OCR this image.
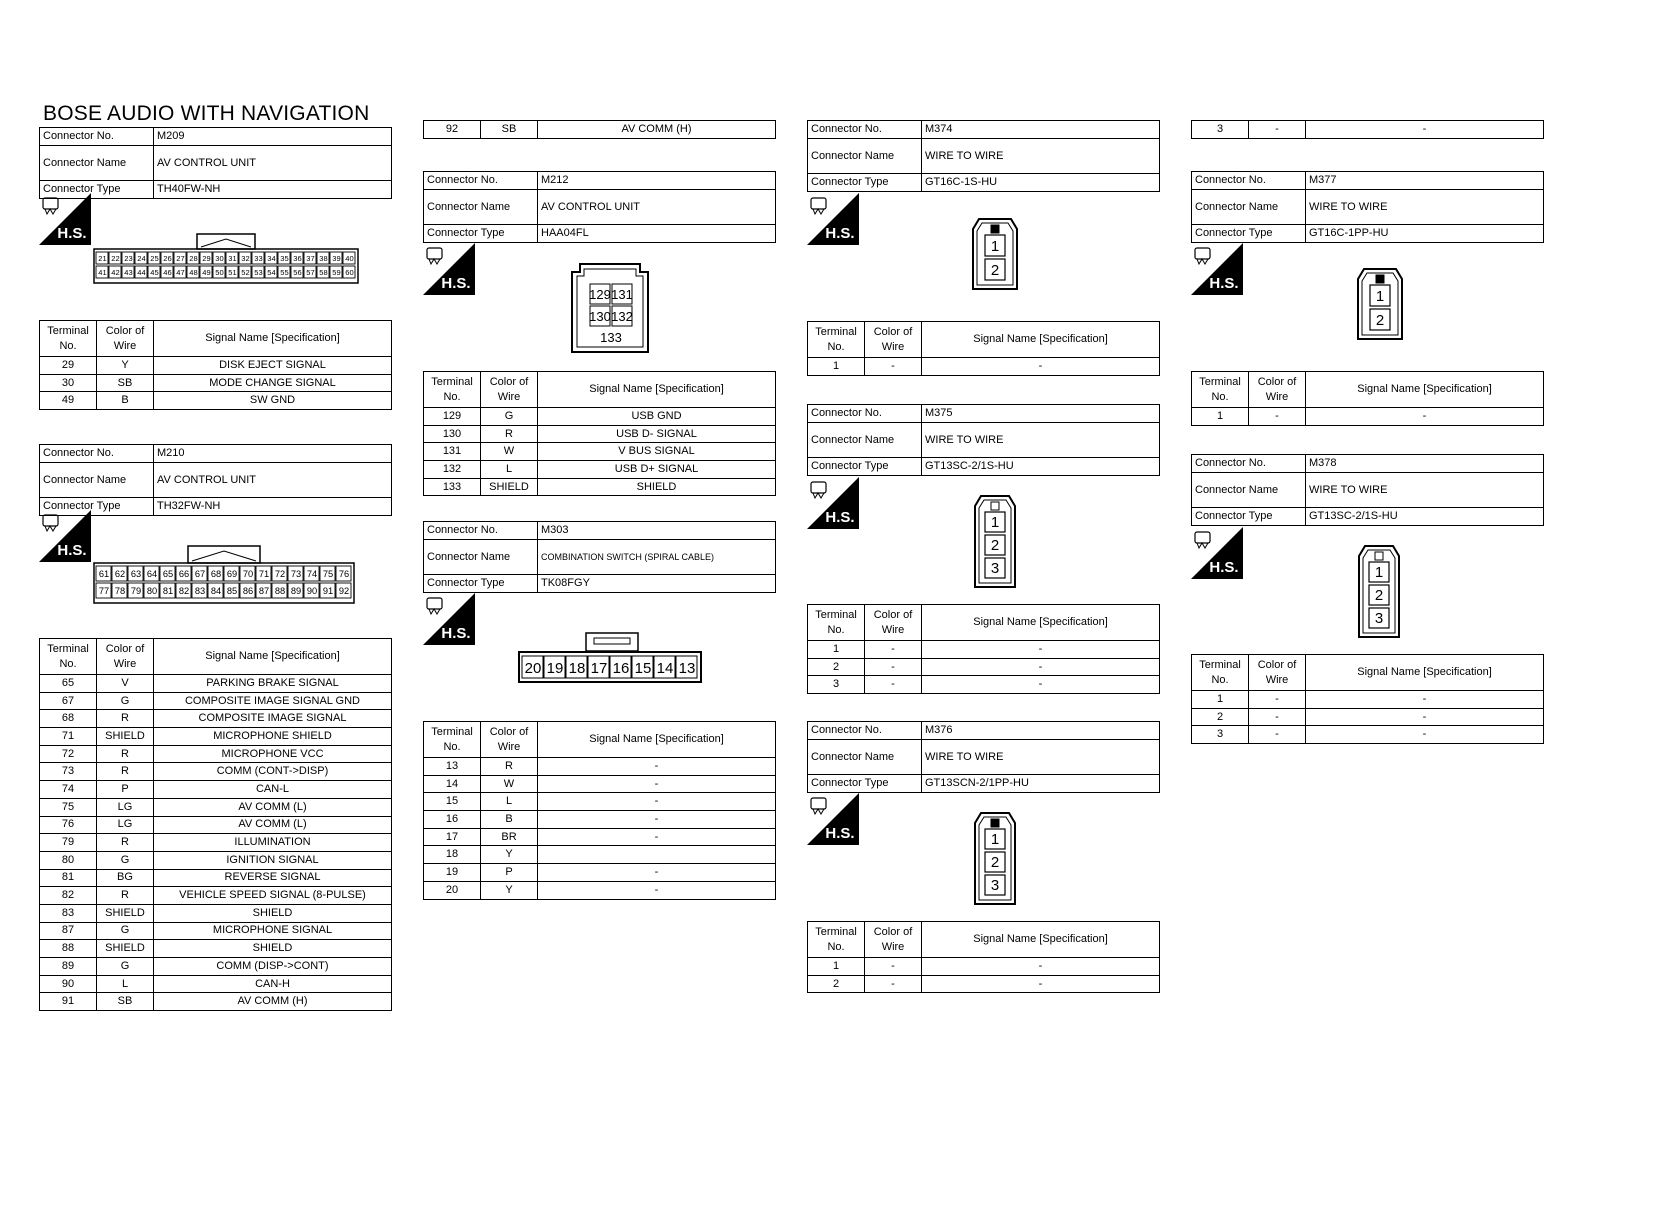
BOSE AUDIO WITH NAVIGATION
Connector No.	M209
Connector Name	AV CONTROL UNIT
Connector Type	TH40FW-NH
H.S.
21 22 23 24 25 26 27 28 29 30 31 32 33 34 35 36 37 38 39 40
41 42 43 44 45 46 47 48 49 50 51 52 53 54 55 56 57 58 59 60
Terminal No.	Color of Wire	Signal Name [Specification]
29	Y	DISK EJECT SIGNAL
30	SB	MODE CHANGE SIGNAL
49	B	SW GND
Connector No.	M210
Connector Name	AV CONTROL UNIT
Connector Type	TH32FW-NH
H.S.
61 62 63 64 65 66 67 68 69 70 71 72 73 74 75 76
77 78 79 80 81 82 83 84 85 86 87 88 89 90 91 92
Terminal No.	Color of Wire	Signal Name [Specification]
65	V	PARKING BRAKE SIGNAL
67	G	COMPOSITE IMAGE SIGNAL GND
68	R	COMPOSITE IMAGE SIGNAL
71	SHIELD	MICROPHONE SHIELD
72	R	MICROPHONE VCC
73	R	COMM (CONT->DISP)
74	P	CAN-L
75	LG	AV COMM (L)
76	LG	AV COMM (L)
79	R	ILLUMINATION
80	G	IGNITION SIGNAL
81	BG	REVERSE SIGNAL
82	R	VEHICLE SPEED SIGNAL (8-PULSE)
83	SHIELD	SHIELD
87	G	MICROPHONE SIGNAL
88	SHIELD	SHIELD
89	G	COMM (DISP->CONT)
90	L	CAN-H
91	SB	AV COMM (H)
92	SB	AV COMM (H)
Connector No.	M212
Connector Name	AV CONTROL UNIT
Connector Type	HAA04FL
H.S.
129 131
130 132
133
Terminal No.	Color of Wire	Signal Name [Specification]
129	G	USB GND
130	R	USB D- SIGNAL
131	W	V BUS SIGNAL
132	L	USB D+ SIGNAL
133	SHIELD	SHIELD
Connector No.	M303
Connector Name	COMBINATION SWITCH (SPIRAL CABLE)
Connector Type	TK08FGY
H.S.
20 19 18 17 16 15 14 13
Terminal No.	Color of Wire	Signal Name [Specification]
13	R	-
14	W	-
15	L	-
16	B	-
17	BR	-
18	Y	
19	P	-
20	Y	-
Connector No.	M374
Connector Name	WIRE TO WIRE
Connector Type	GT16C-1S-HU
H.S.
1
2
Terminal No.	Color of Wire	Signal Name [Specification]
1	-	-
Connector No.	M375
Connector Name	WIRE TO WIRE
Connector Type	GT13SC-2/1S-HU
H.S.	1
2
3
Terminal No.	Color of Wire	Signal Name [Specification]
1	-	-
2	-	-
3	-	-
Connector No.	M376
Connector Name	WIRE TO WIRE
Connector Type	GT13SCN-2/1PP-HU
H.S.	1
2
3
Terminal No.	Color of Wire	Signal Name [Specification]
1	-	-
2	-	-
3	-	-
Connector No.	M377
Connector Name	WIRE TO WIRE
Connector Type	GT16C-1PP-HU
H.S.
1
2
Terminal No.	Color of Wire	Signal Name [Specification]
1	-	-
Connector No.	M378
Connector Name	WIRE TO WIRE
Connector Type	GT13SC-2/1S-HU
H.S.	1
2
3
Terminal No.	Color of Wire	Signal Name [Specification]
1	-	-
2	-	-
3	-	-
